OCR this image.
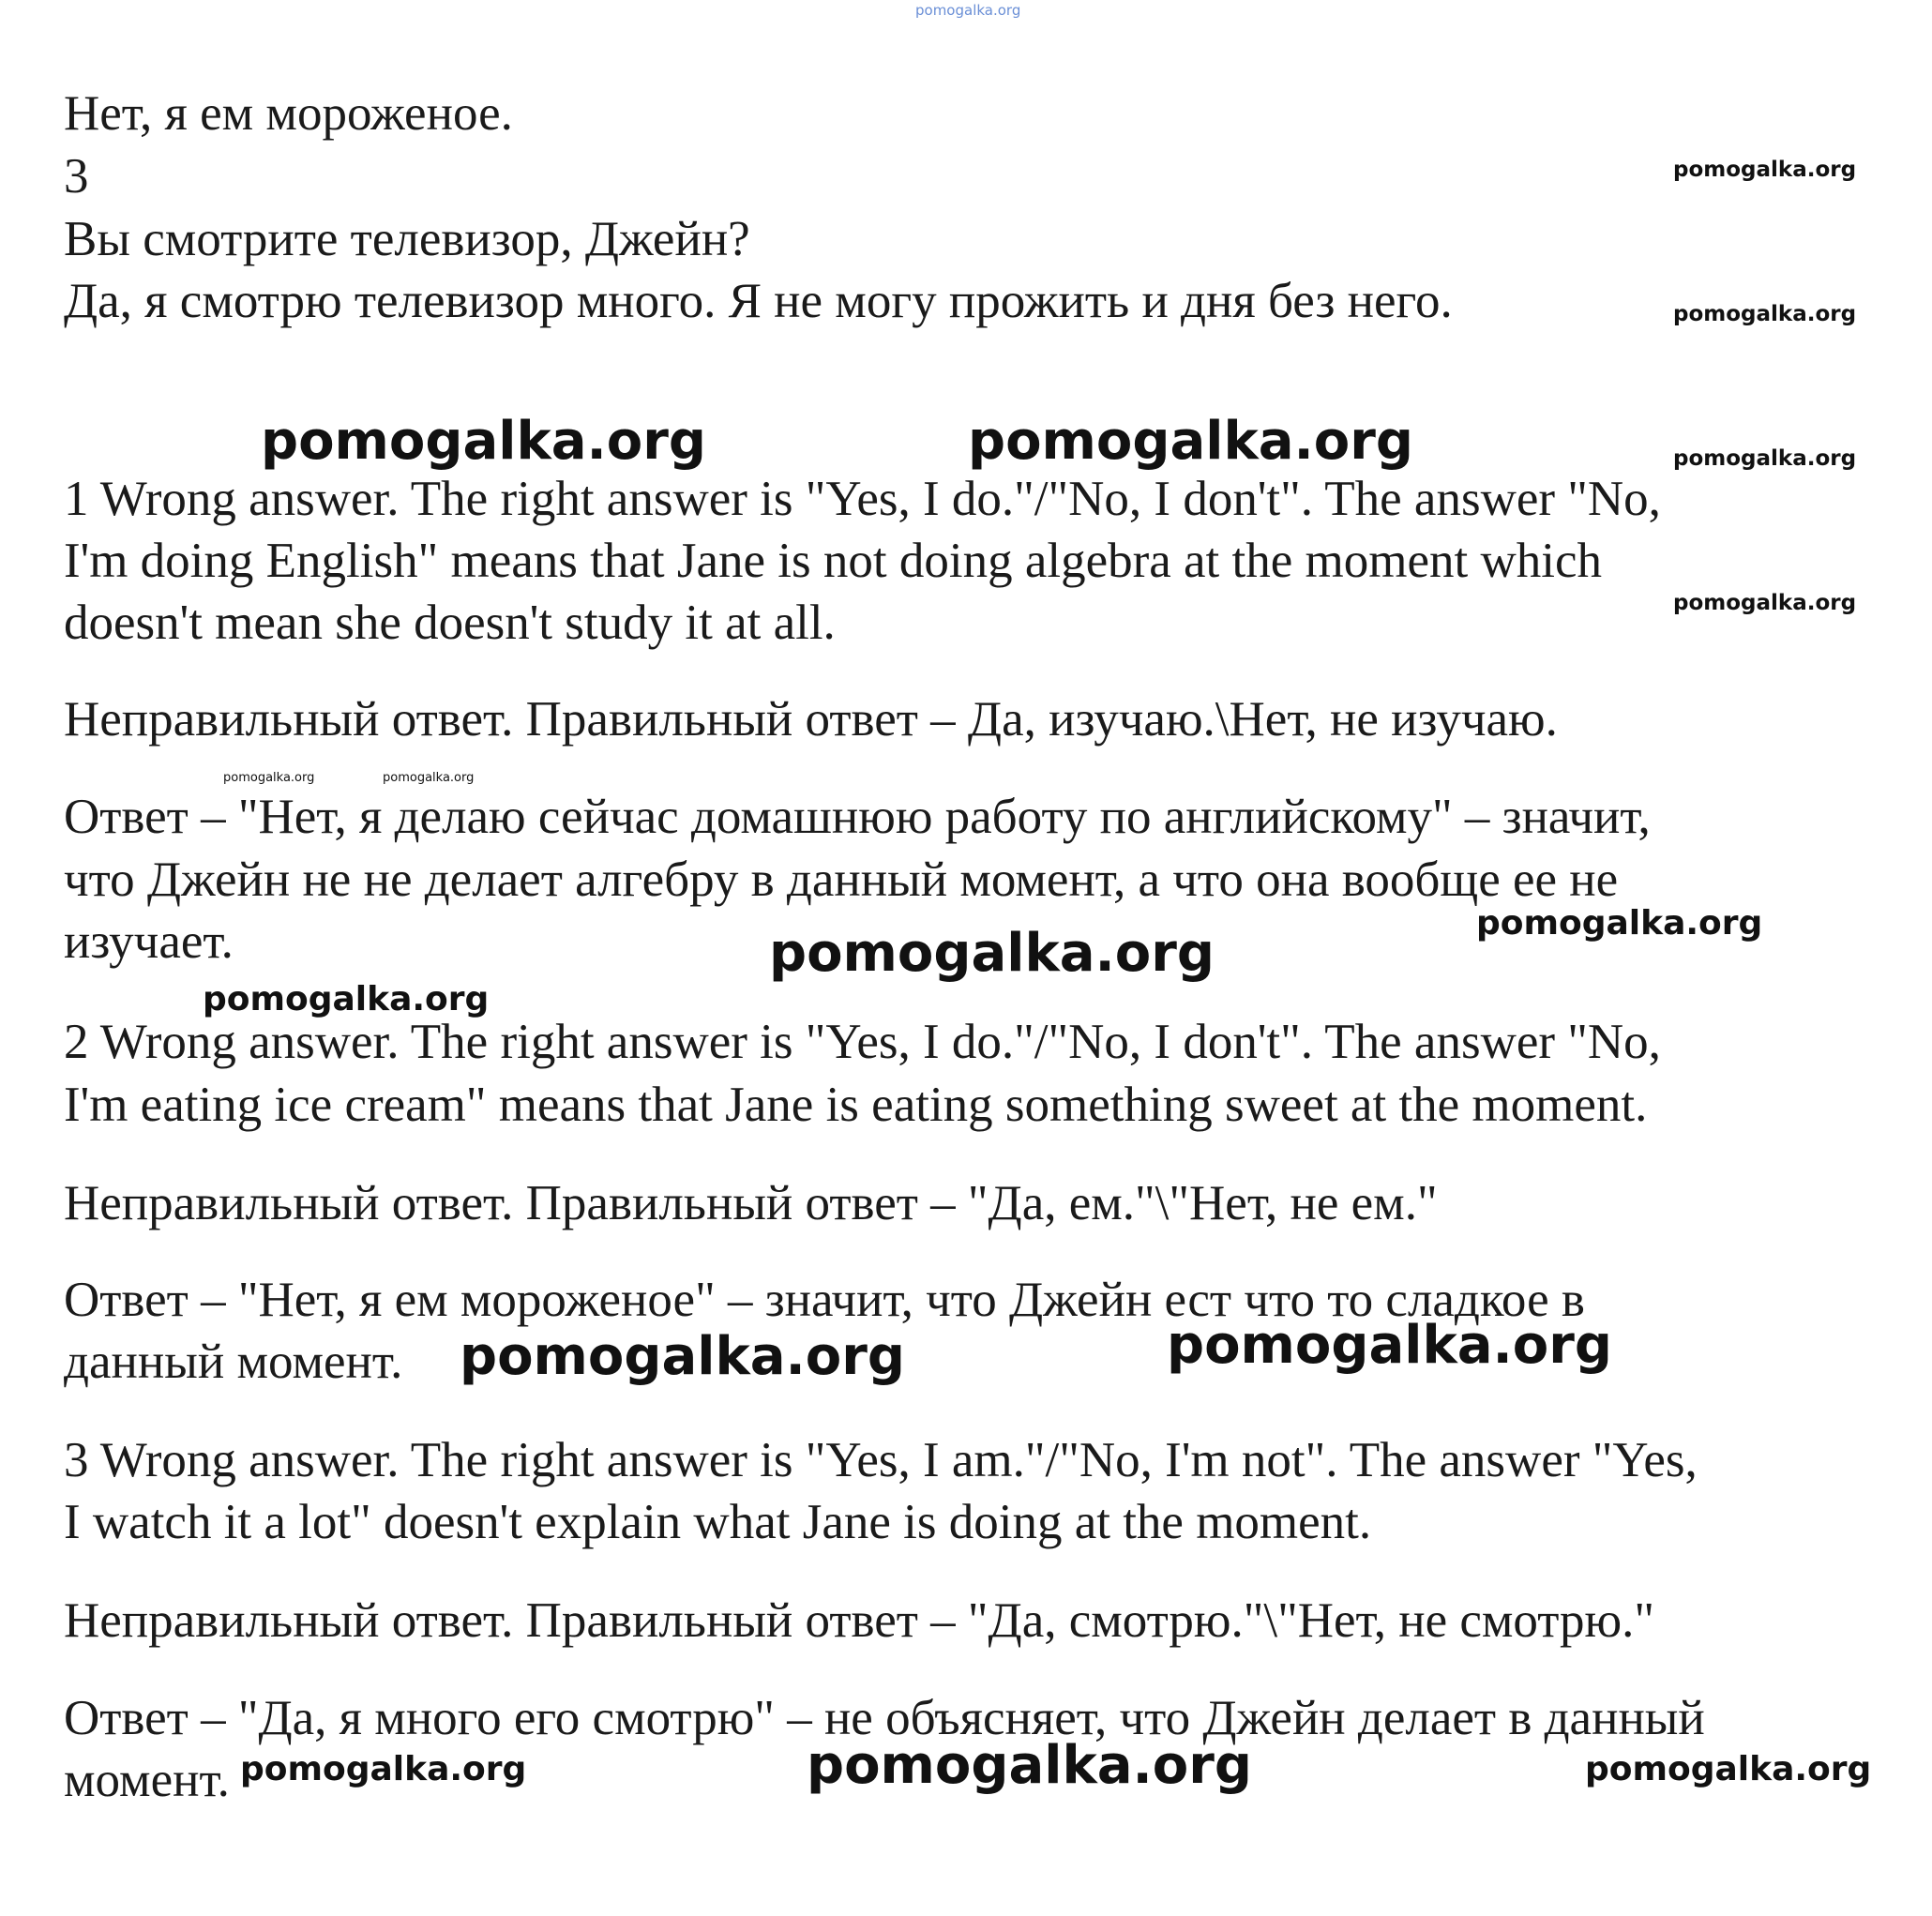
pomogalka.org
Нет, я ем мороженое.
3
Вы смотрите телевизор, Джейн?
Да, я смотрю телевизор много. Я не могу прожить и дня без него.
1 Wrong answer. The right answer is "Yes, I do."/"No, I don't". The answer "No,
I'm doing English" means that Jane is not doing algebra at the moment which
doesn't mean she doesn't study it at all.
Неправильный ответ. Правильный ответ – Да, изучаю.\Нет, не изучаю.
Ответ – "Нет, я делаю сейчас домашнюю работу по английскому" – значит,
что Джейн не не делает алгебру в данный момент, а что она вообще ее не
изучает.
2 Wrong answer. The right answer is "Yes, I do."/"No, I don't". The answer "No,
I'm eating ice cream" means that Jane is eating something sweet at the moment.
Неправильный ответ. Правильный ответ – "Да, ем."\"Нет, не ем."
Ответ – "Нет, я ем мороженое" – значит, что Джейн ест что то сладкое в
данный момент.
3 Wrong answer. The right answer is "Yes, I am."/"No, I'm not". The answer "Yes,
I watch it a lot" doesn't explain what Jane is doing at the moment.
Неправильный ответ. Правильный ответ – "Да, смотрю."\"Нет, не смотрю."
Ответ – "Да, я много его смотрю" – не объясняет, что Джейн делает в данный
момент.
pomogalka.org
pomogalka.org
pomogalka.org	pomogalka.org	pomogalka.org
pomogalka.org
pomogalka.org	pomogalka.org
pomogalka.org
pomogalka.org
pomogalka.org
pomogalka.org
pomogalka.org
pomogalka.org	pomogalka.org	pomogalka.org
